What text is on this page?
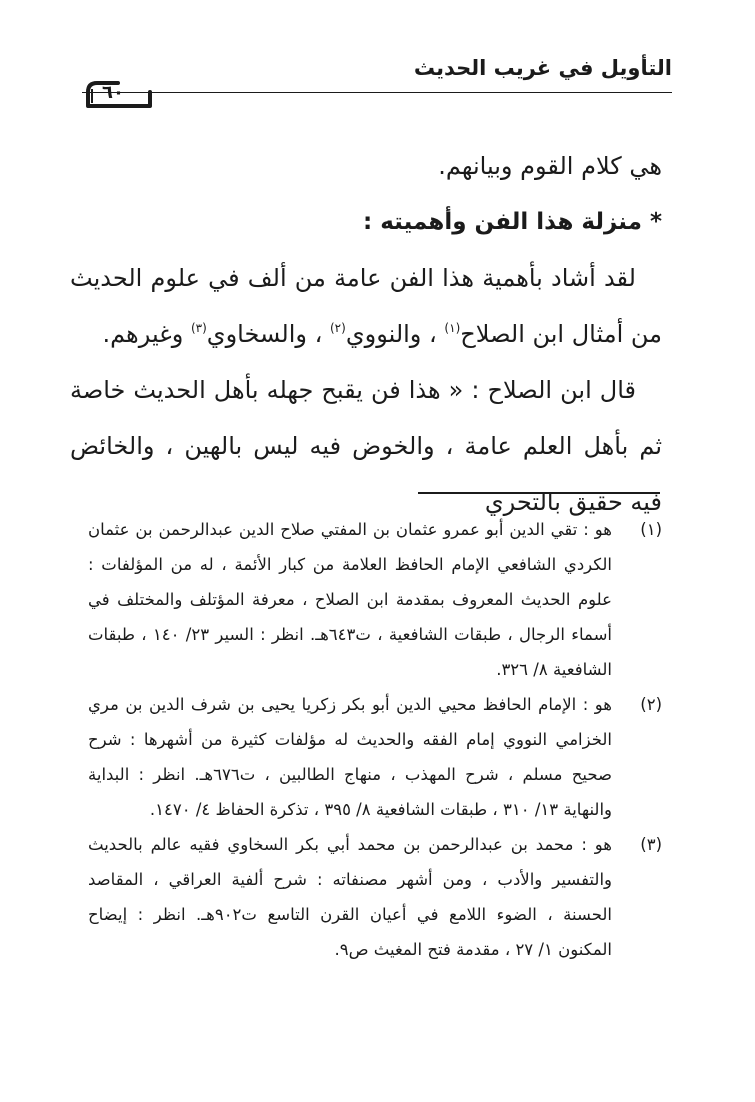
التأويل في غريب الحديث
٦٠

هي كلام القوم وبيانهم.

* منزلة هذا الفن وأهميته :

لقد أشاد بأهمية هذا الفن عامة من ألف في علوم الحديث من أمثال ابن الصلاح$^{(١)}$ ، والنووي$^{(٢)}$ ، والسخاوي$^{(٣)}$ وغيرهم.

قال ابن الصلاح : « هذا فن يقبح جهله بأهل الحديث خاصة ثم بأهل العلم عامة ، والخوض فيه ليس بالهين ، والخائض فيه حقيق بالتحري

(١)

هو : تقي الدين أبو عمرو عثمان بن المفتي صلاح الدين عبدالرحمن بن عثمان الكردي الشافعي الإمام الحافظ العلامة من كبار الأئمة ، له من المؤلفات : علوم الحديث المعروف بمقدمة ابن الصلاح ، معرفة المؤتلف والمختلف في أسماء الرجال ، طبقات الشافعية ، ت٦٤٣هـ. انظر : السير ٢٣/ ١٤٠ ، طبقات الشافعية ٨/ ٣٢٦.

(٢)

هو : الإمام الحافظ محيي الدين أبو بكر زكريا يحيى بن شرف الدين بن مري الخزامي النووي إمام الفقه والحديث له مؤلفات كثيرة من أشهرها : شرح صحيح مسلم ، شرح المهذب ، منهاج الطالبين ، ت٦٧٦هـ. انظر : البداية والنهاية ١٣/ ٣١٠ ، طبقات الشافعية ٨/ ٣٩٥ ، تذكرة الحفاظ ٤/ ١٤٧٠.

(٣)

هو : محمد بن عبدالرحمن بن محمد أبي بكر السخاوي فقيه عالم بالحديث والتفسير والأدب ، ومن أشهر مصنفاته : شرح ألفية العراقي ، المقاصد الحسنة ، الضوء اللامع في أعيان القرن التاسع ت٩٠٢هـ. انظر : إيضاح المكنون ١/ ٢٧ ، مقدمة فتح المغيث ص٩.
